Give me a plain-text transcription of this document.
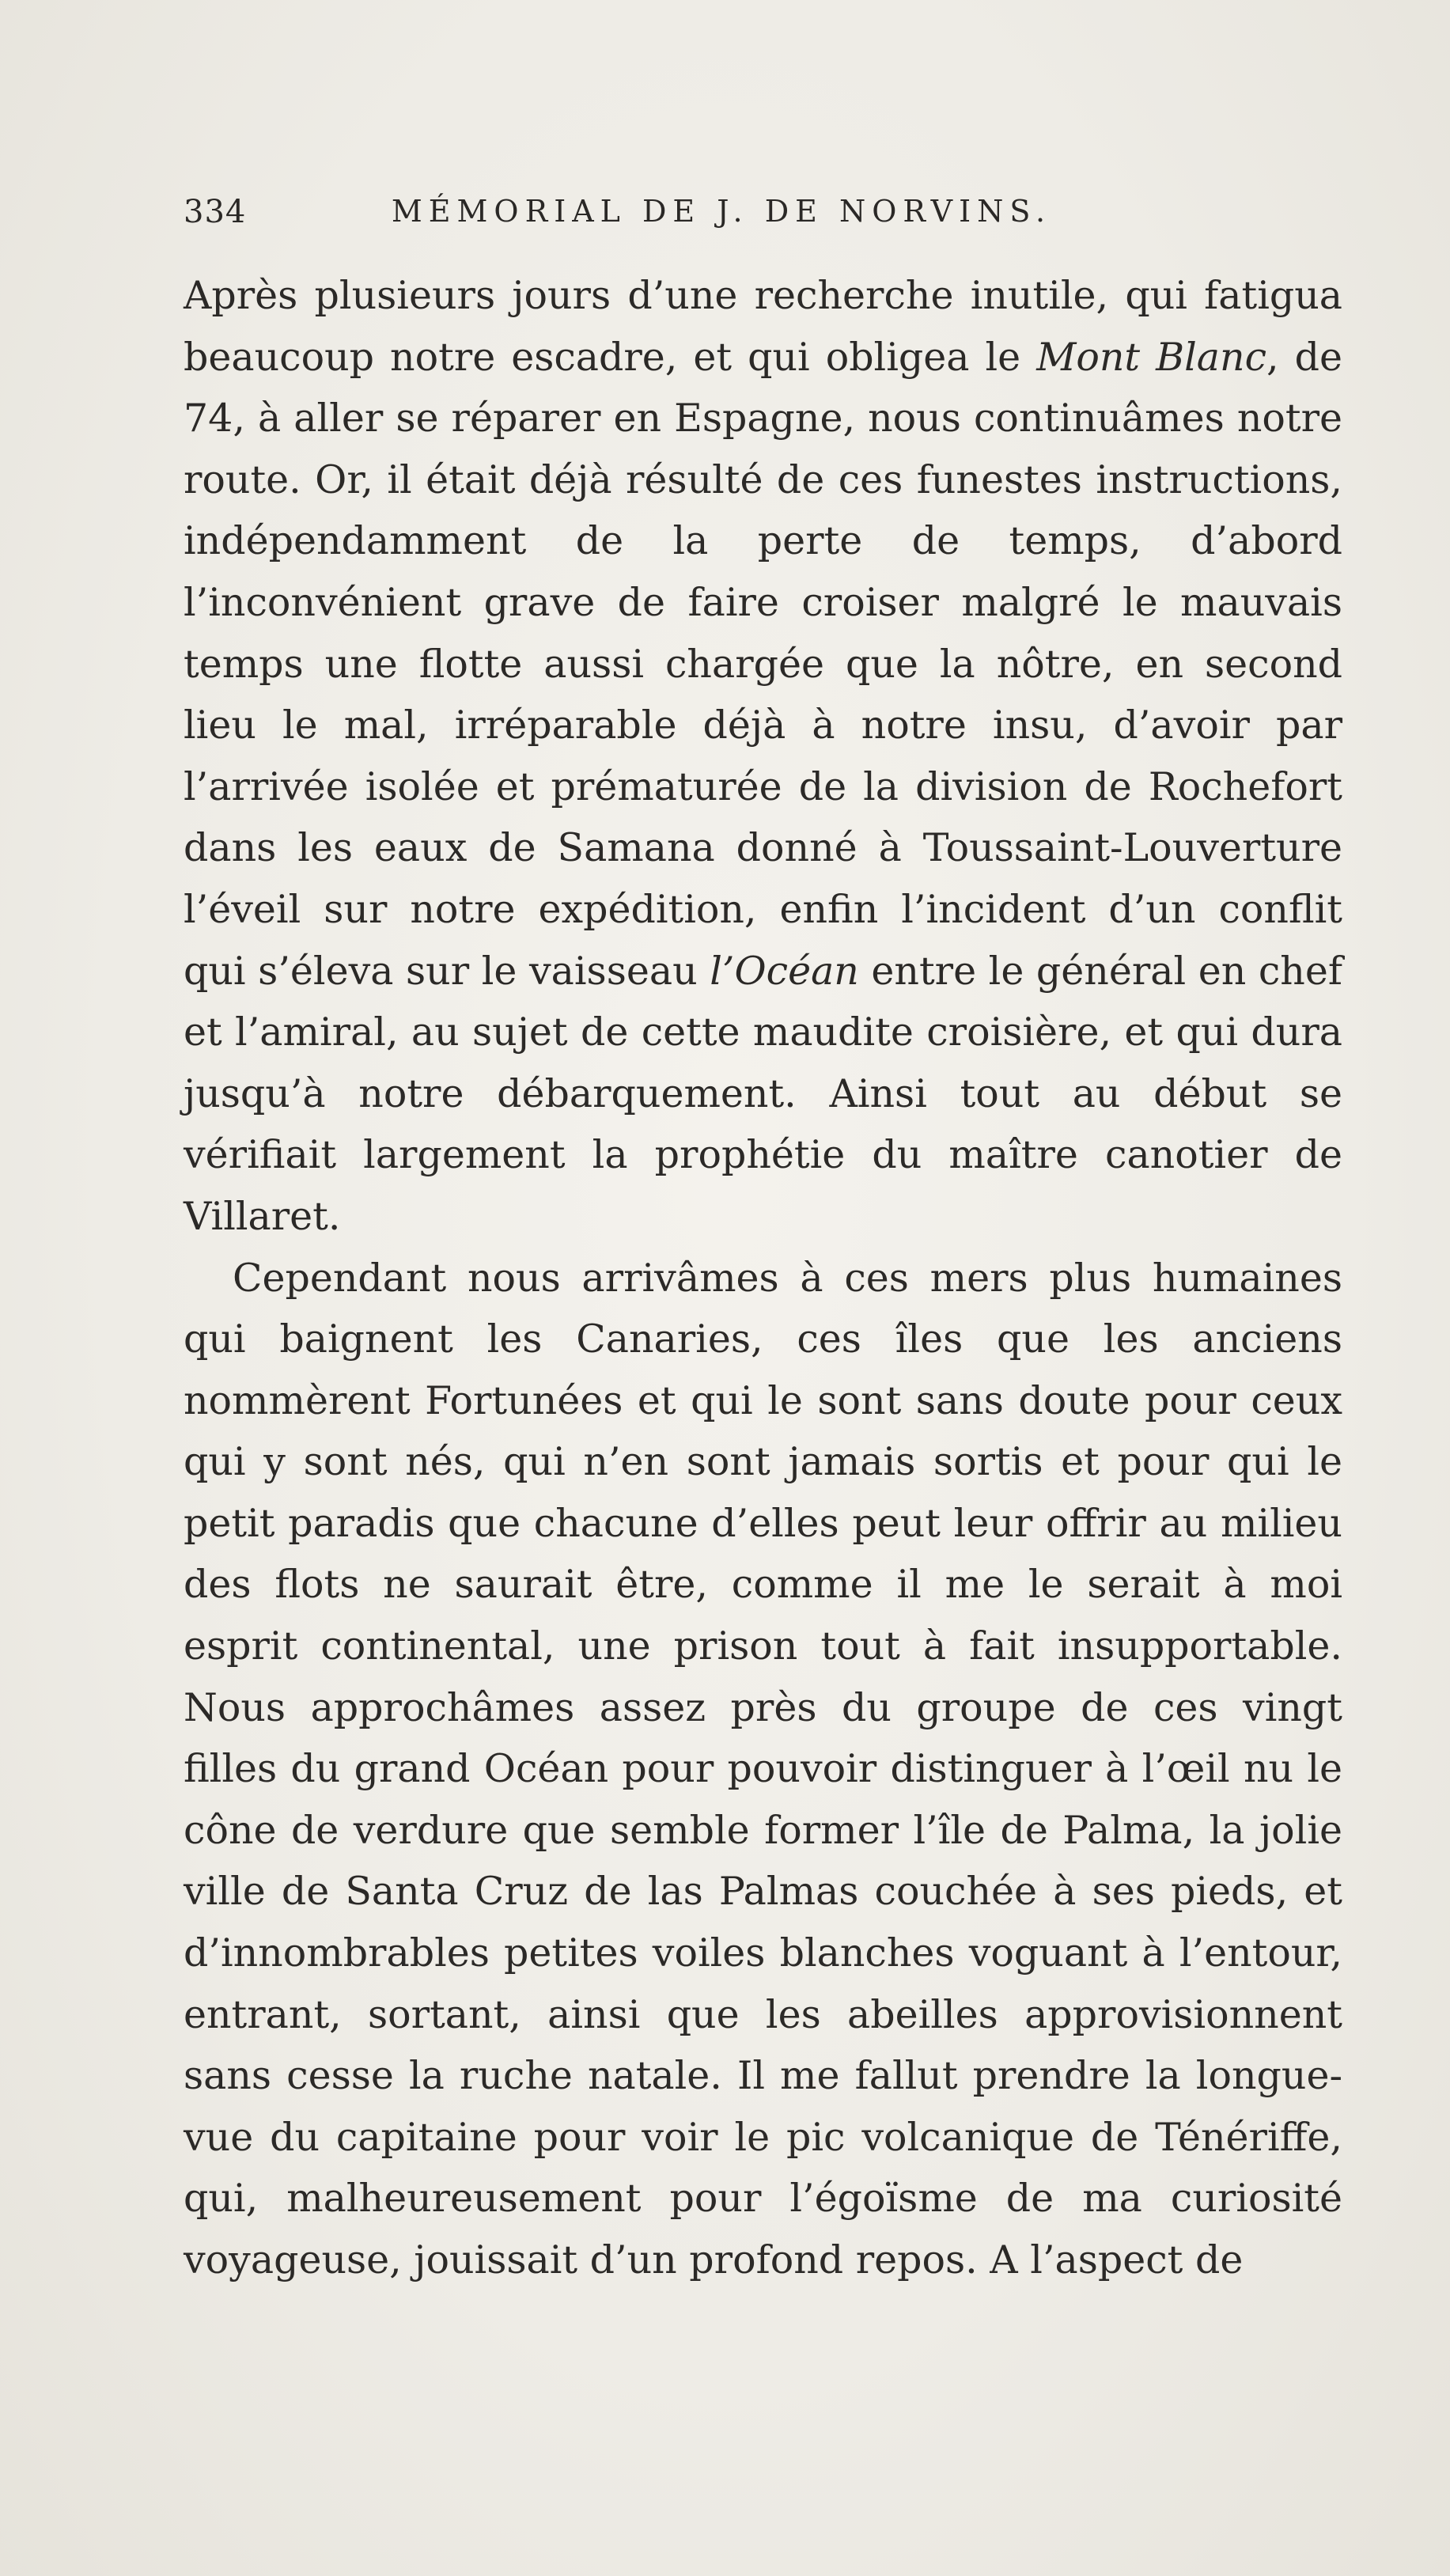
334	MÉMORIAL DE J. DE NORVINS.

Après plusieurs jours d’une recherche inutile, qui fatigua beaucoup notre escadre, et qui obligea le Mont Blanc, de 74, à aller se réparer en Espagne, nous continuâmes notre route. Or, il était déjà résulté de ces funestes instructions, indépendamment de la perte de temps, d’abord l’inconvénient grave de faire croiser malgré le mauvais temps une flotte aussi chargée que la nôtre, en second lieu le mal, irréparable déjà à notre insu, d’avoir par l’arrivée isolée et prématurée de la division de Rochefort dans les eaux de Samana donné à Toussaint-Louverture l’éveil sur notre expédition, enfin l’incident d’un conflit qui s’éleva sur le vaisseau l’Océan entre le général en chef et l’amiral, au sujet de cette maudite croisière, et qui dura jusqu’à notre débarquement. Ainsi tout au début se vérifiait largement la prophétie du maître canotier de Villaret.

Cependant nous arrivâmes à ces mers plus humaines qui baignent les Canaries, ces îles que les anciens nommèrent Fortunées et qui le sont sans doute pour ceux qui y sont nés, qui n’en sont jamais sortis et pour qui le petit paradis que chacune d’elles peut leur offrir au milieu des flots ne saurait être, comme il me le serait à moi esprit continental, une prison tout à fait insupportable. Nous approchâmes assez près du groupe de ces vingt filles du grand Océan pour pouvoir distinguer à l’œil nu le cône de verdure que semble former l’île de Palma, la jolie ville de Santa Cruz de las Palmas couchée à ses pieds, et d’innombrables petites voiles blanches voguant à l’entour, entrant, sortant, ainsi que les abeilles approvisionnent sans cesse la ruche natale. Il me fallut prendre la longue-vue du capitaine pour voir le pic volcanique de Ténériffe, qui, malheureusement pour l’égoïsme de ma curiosité voyageuse, jouissait d’un profond repos. A l’aspect de
